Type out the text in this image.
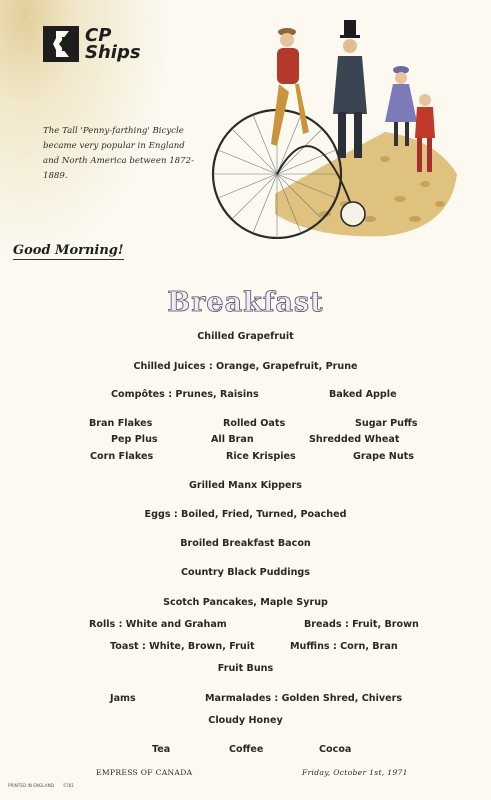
CP
Ships
The Tall 'Penny-farthing' Bicycle
became very popular in England
and North America between 1872-1889.
Good Morning!
Breakfast
Chilled Grapefruit
Chilled Juices : Orange, Grapefruit, Prune
Compôtes : Prunes, Raisins	Baked Apple
Bran Flakes	Rolled Oats	Sugar Puffs
Pep Plus	All Bran	Shredded Wheat
Corn Flakes	Rice Krispies	Grape Nuts
Grilled Manx Kippers
Eggs : Boiled, Fried, Turned, Poached
Broiled Breakfast Bacon
Country Black Puddings
Scotch Pancakes, Maple Syrup
Rolls : White and Graham	Breads : Fruit, Brown
Toast : White, Brown, Fruit	Muffins : Corn, Bran
Fruit Buns
Jams	Marmalades : Golden Shred, Chivers
Cloudy Honey
Tea	Coffee	Cocoa
EMPRESS OF CANADA	Friday, October 1st, 1971
PRINTED IN ENGLAND 5781
